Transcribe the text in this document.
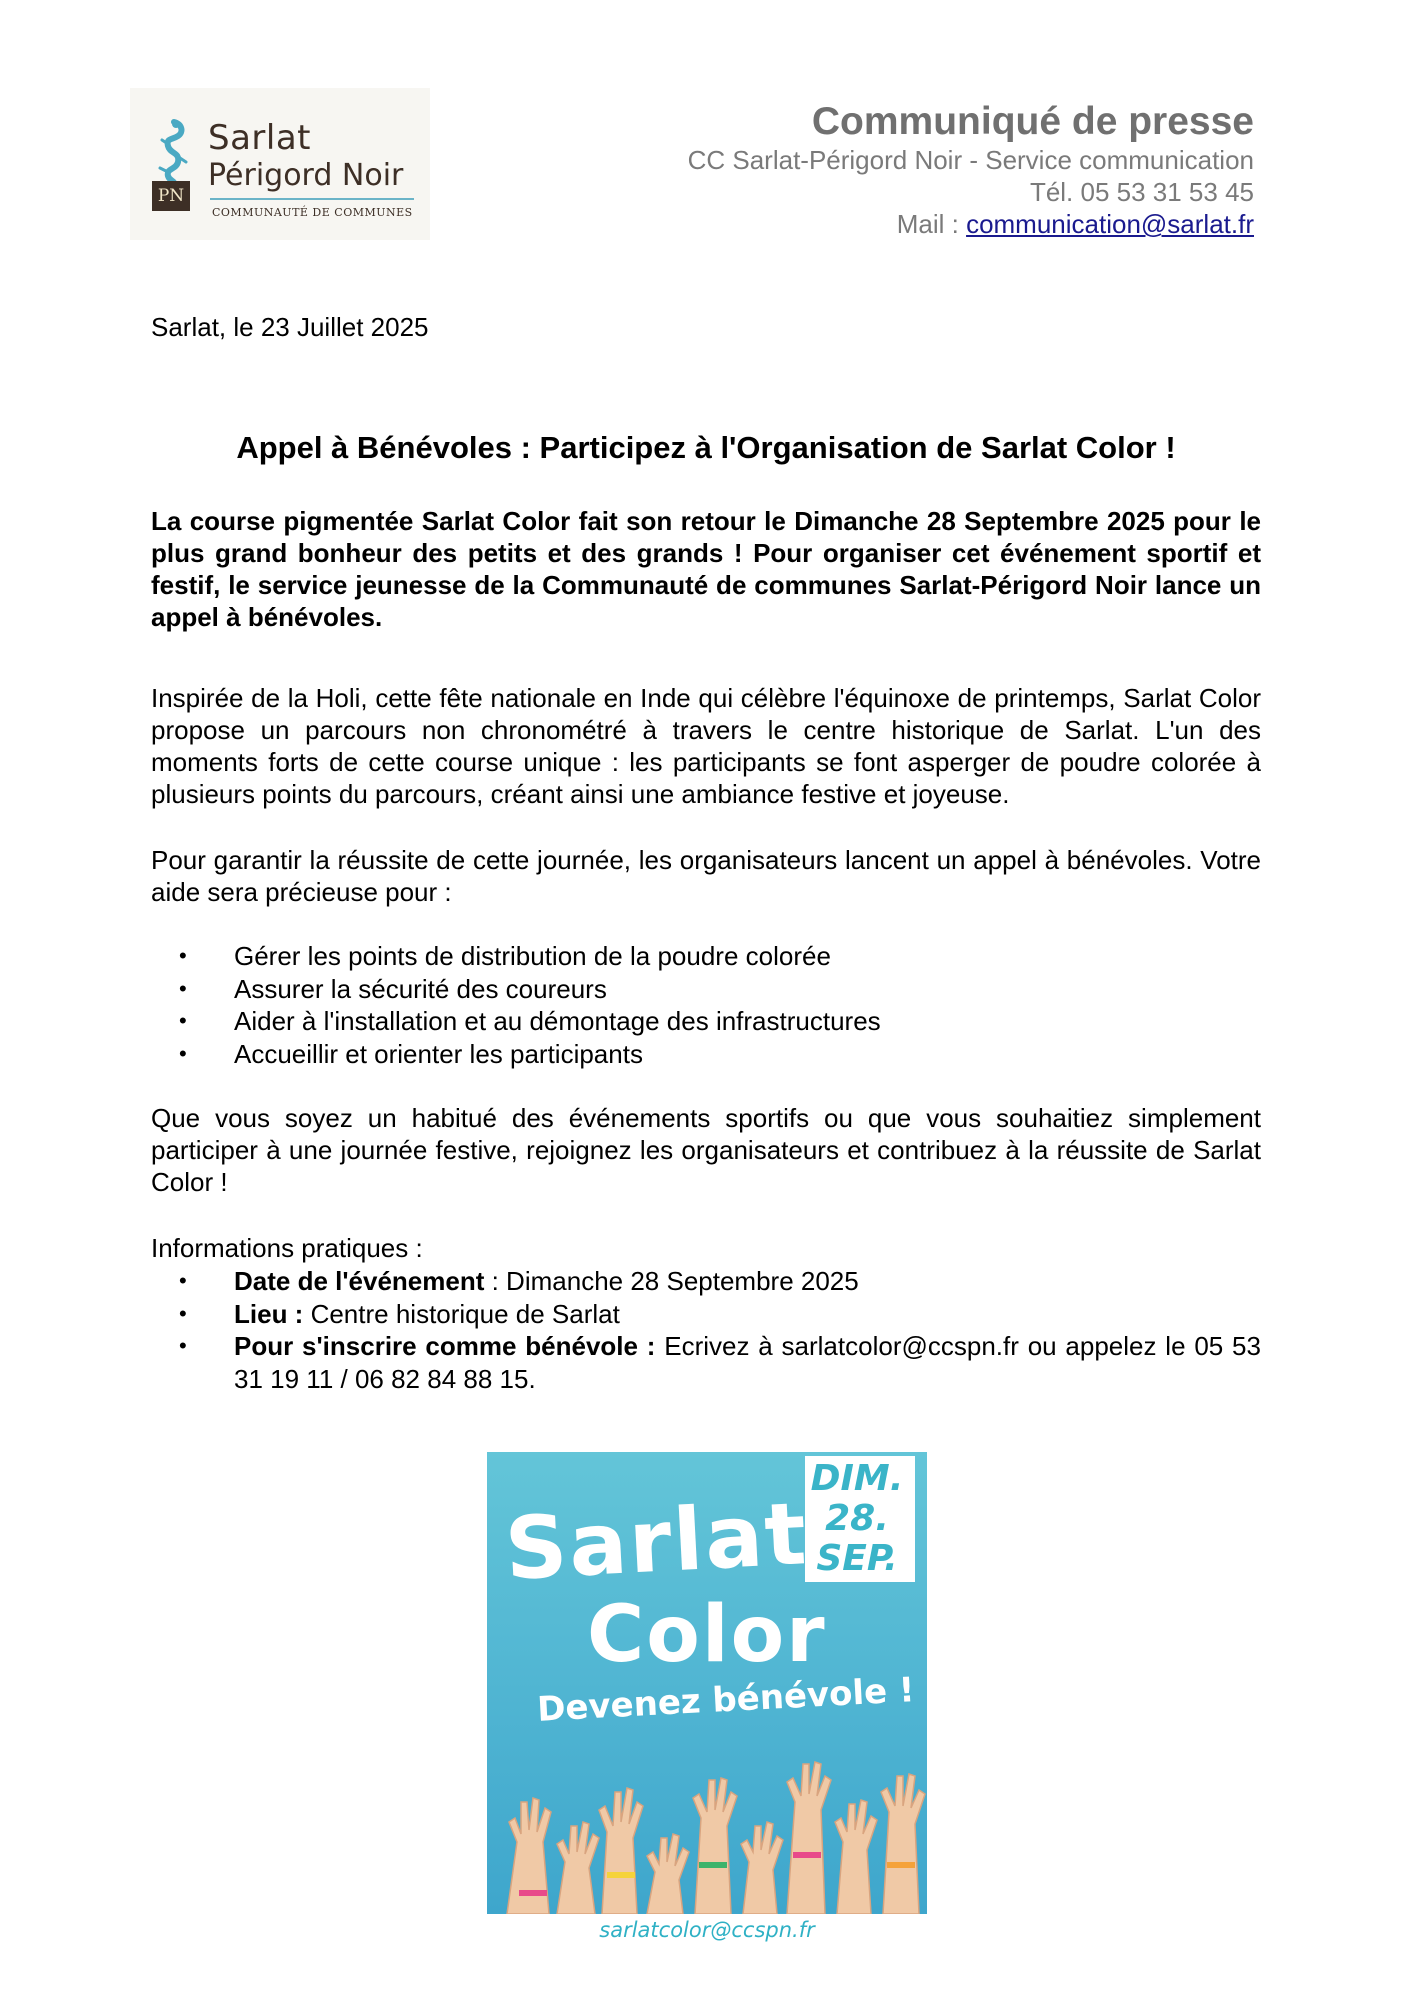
PN
Sarlat
Périgord Noir
COMMUNAUTÉ DE COMMUNES
Communiqué de presse
CC Sarlat-Périgord Noir - Service communication
Tél. 05 53 31 53 45
Mail : communication@sarlat.fr
Sarlat, le 23 Juillet 2025
Appel à Bénévoles : Participez à l'Organisation de Sarlat Color !
La course pigmentée Sarlat Color fait son retour le Dimanche 28 Septembre 2025 pour le plus grand bonheur des petits et des grands ! Pour organiser cet événement sportif et festif, le service jeunesse de la Communauté de communes Sarlat-Périgord Noir lance un appel à bénévoles.
Inspirée de la Holi, cette fête nationale en Inde qui célèbre l'équinoxe de printemps, Sarlat Color propose un parcours non chronométré à travers le centre historique de Sarlat. L'un des moments forts de cette course unique : les participants se font asperger de poudre colorée à plusieurs points du parcours, créant ainsi une ambiance festive et joyeuse.
Pour garantir la réussite de cette journée, les organisateurs lancent un appel à bénévoles. Votre aide sera précieuse pour :
• Gérer les points de distribution de la poudre colorée
• Assurer la sécurité des coureurs
• Aider à l'installation et au démontage des infrastructures
• Accueillir et orienter les participants
Que vous soyez un habitué des événements sportifs ou que vous souhaitiez simplement participer à une journée festive, rejoignez les organisateurs et contribuez à la réussite de Sarlat Color !
Informations pratiques :
• Date de l'événement : Dimanche 28 Septembre 2025
• Lieu : Centre historique de Sarlat
• Pour s'inscrire comme bénévole : Ecrivez à sarlatcolor@ccspn.fr ou appelez le 05 53 31 19 11 / 06 82 84 88 15.
DIM.
28.
SEP.
Sarlat
Color
Devenez bénévole !
sarlatcolor@ccspn.fr
